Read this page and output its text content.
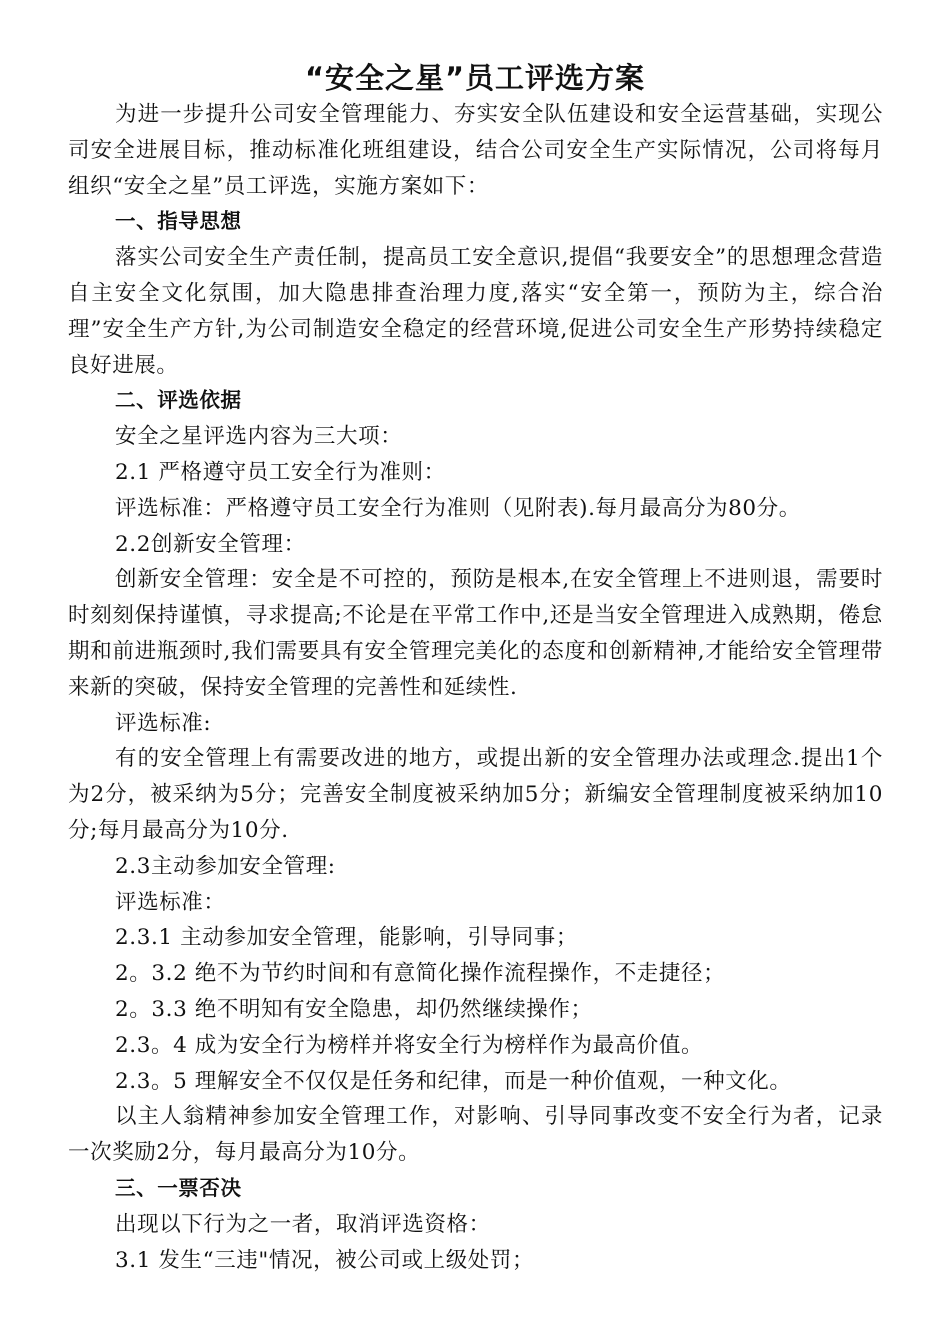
“安全之星”员工评选方案

为进一步提升公司安全管理能力、夯实安全队伍建设和安全运营基础，实现公司安全进展目标，推动标准化班组建设，结合公司安全生产实际情况，公司将每月组织“安全之星”员工评选，实施方案如下：

一、指导思想

落实公司安全生产责任制，提高员工安全意识,提倡“我要安全”的思想理念营造自主安全文化氛围，加大隐患排查治理力度,落实“安全第一，预防为主，综合治理”安全生产方针,为公司制造安全稳定的经营环境,促进公司安全生产形势持续稳定良好进展。

二、评选依据

安全之星评选内容为三大项：

2.1 严格遵守员工安全行为准则：

评选标准：严格遵守员工安全行为准则（见附表).每月最高分为80分。

2.2创新安全管理：

创新安全管理：安全是不可控的，预防是根本,在安全管理上不进则退，需要时时刻刻保持谨慎，寻求提高;不论是在平常工作中,还是当安全管理进入成熟期，倦怠期和前进瓶颈时,我们需要具有安全管理完美化的态度和创新精神,才能给安全管理带来新的突破，保持安全管理的完善性和延续性.

评选标准:

有的安全管理上有需要改进的地方，或提出新的安全管理办法或理念.提出1个为2分，被采纳为5分；完善安全制度被采纳加5分；新编安全管理制度被采纳加10分;每月最高分为10分.

2.3主动参加安全管理:

评选标准：

2.3.1 主动参加安全管理，能影响，引导同事；

2。3.2 绝不为节约时间和有意简化操作流程操作，不走捷径；

2。3.3 绝不明知有安全隐患，却仍然继续操作；

2.3。4 成为安全行为榜样并将安全行为榜样作为最高价值。

2.3。5 理解安全不仅仅是任务和纪律，而是一种价值观，一种文化。

以主人翁精神参加安全管理工作，对影响、引导同事改变不安全行为者，记录一次奖励2分，每月最高分为10分。

三、一票否决

出现以下行为之一者，取消评选资格：

3.1 发生“三违"情况，被公司或上级处罚；
